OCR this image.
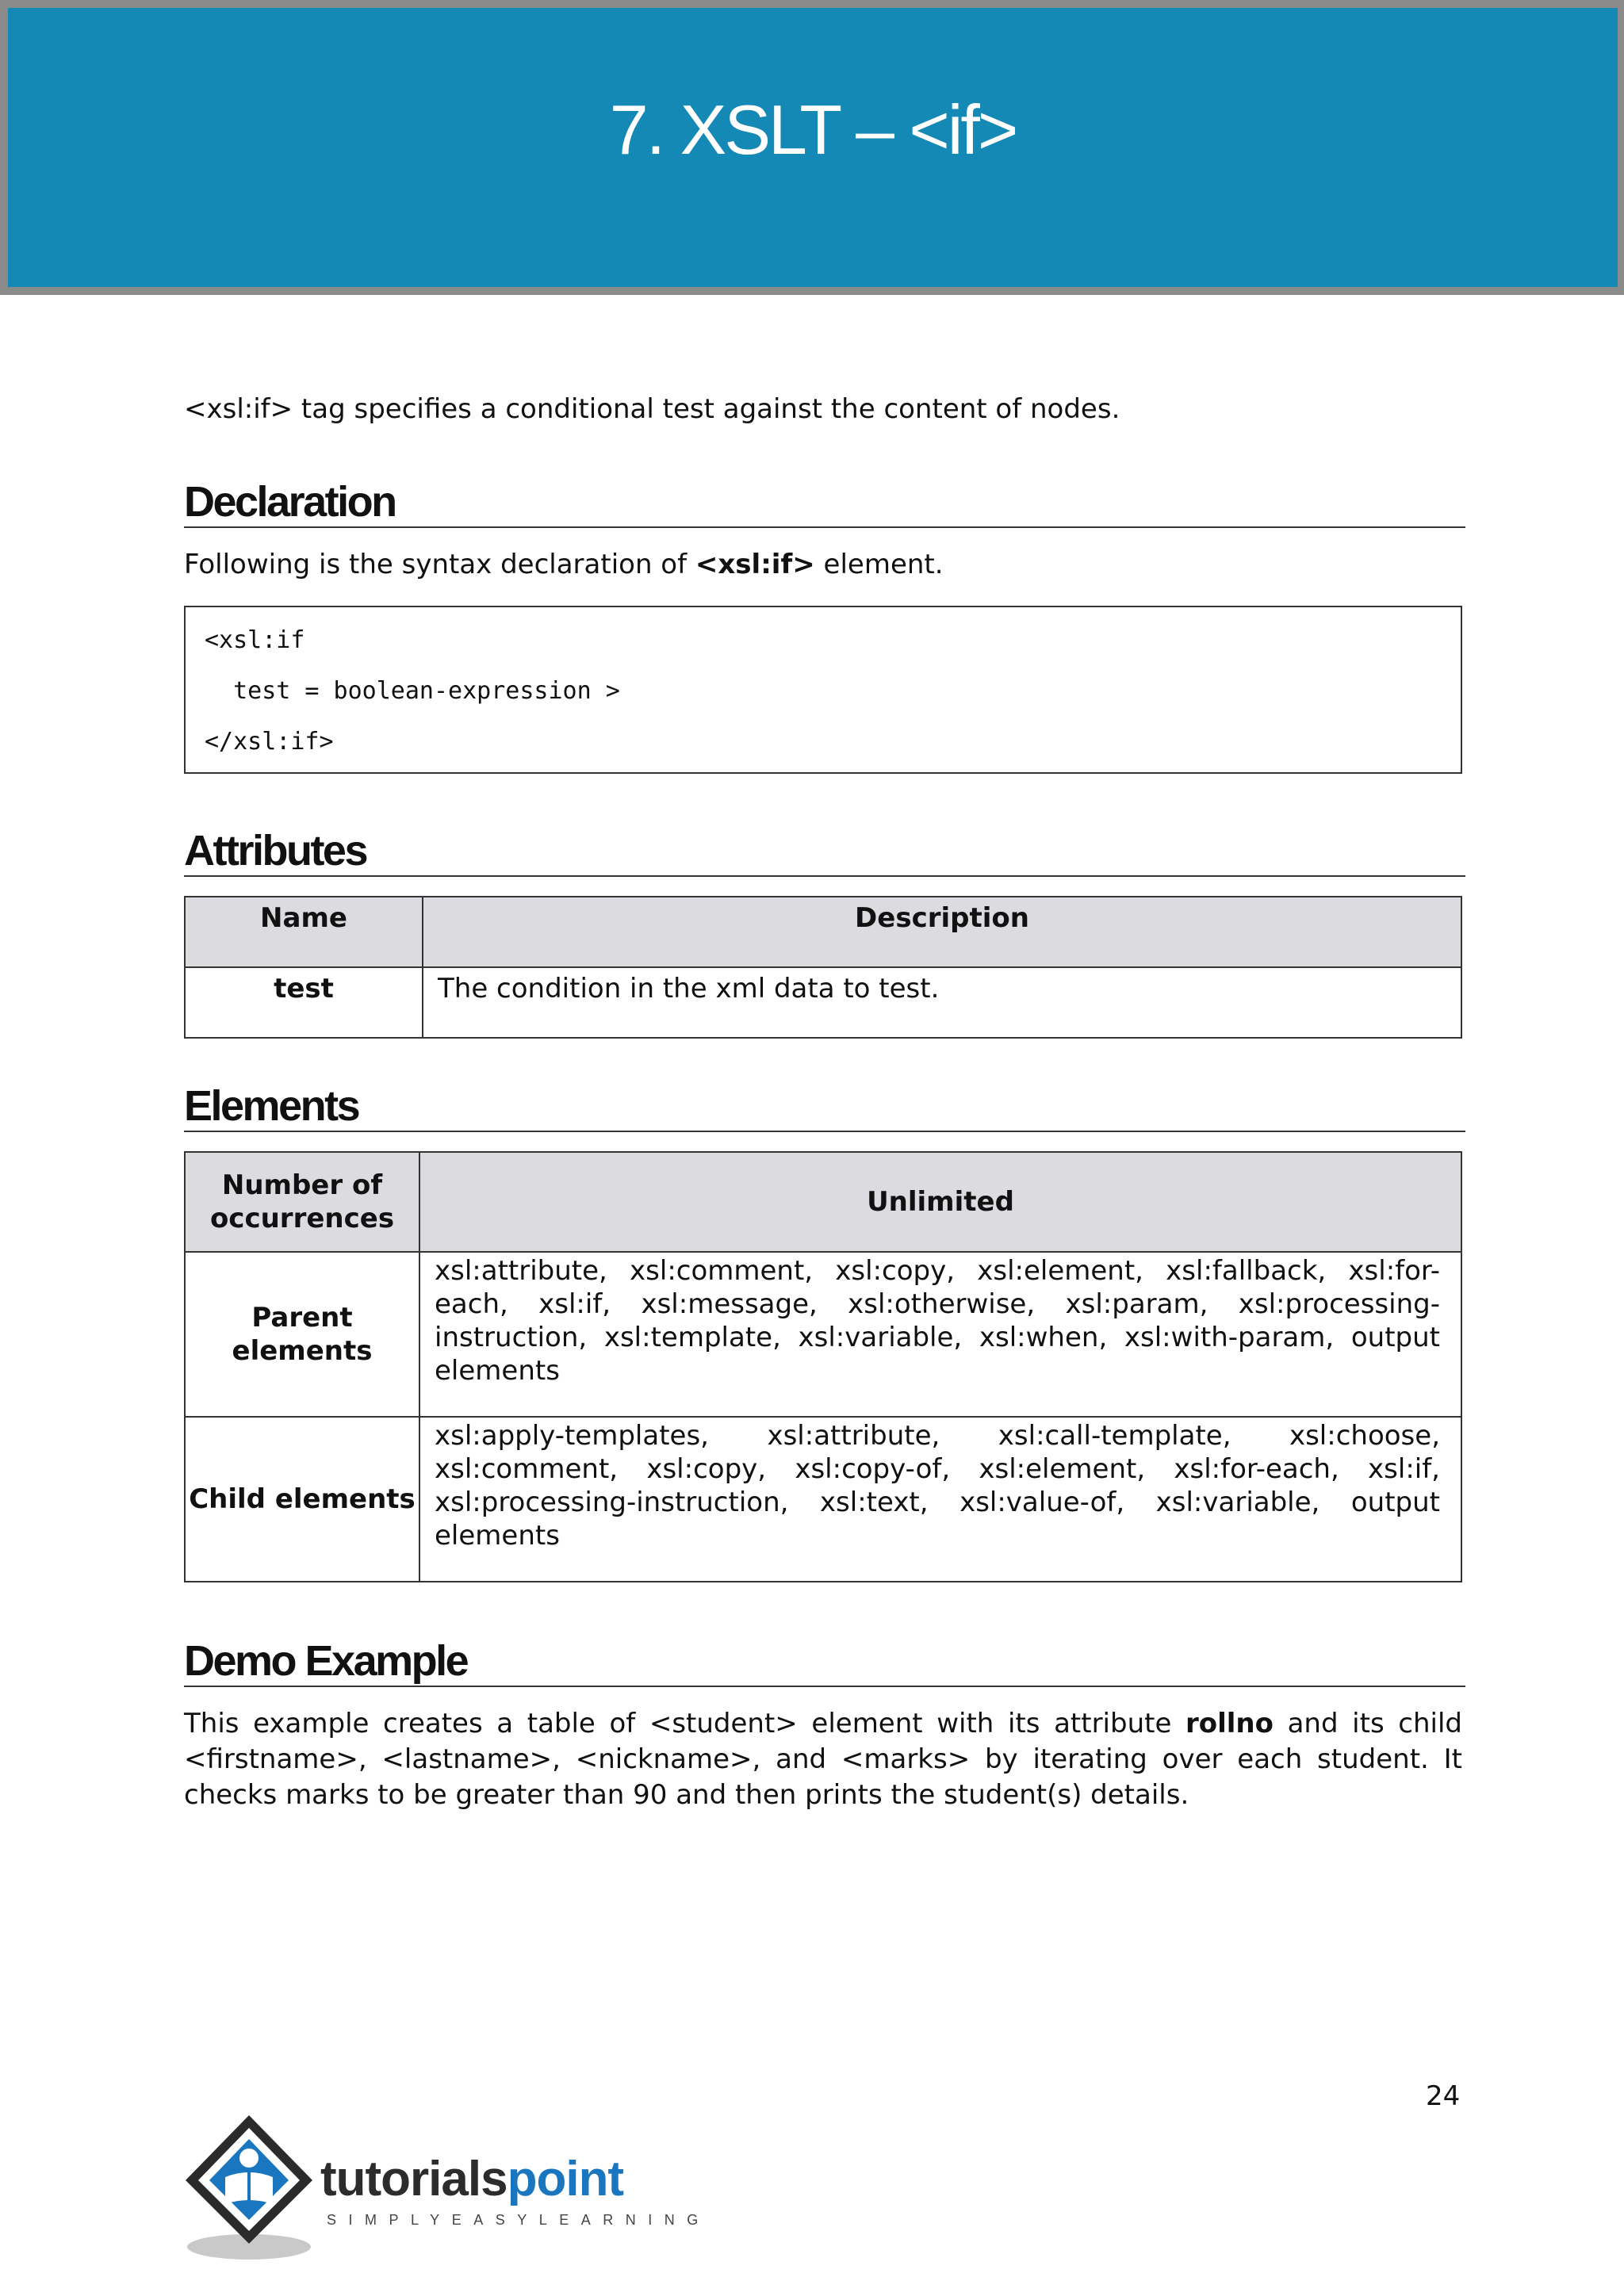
7. XSLT – <if>

<xsl:if> tag specifies a conditional test against the content of nodes.

Declaration

Following is the syntax declaration of <xsl:if> element.

<xsl:if
test = boolean-expression >
</xsl:if>
Attributes
Name	Description
test	The condition in the xml data to test.
Elements
Number of occurrences	Unlimited
Parent elements	xsl:attribute, xsl:comment, xsl:copy, xsl:element, xsl:fallback, xsl:for-each, xsl:if, xsl:message, xsl:otherwise, xsl:param, xsl:processing-instruction, xsl:template, xsl:variable, xsl:when, xsl:with-param, output elements
Child elements	xsl:apply-templates, xsl:attribute, xsl:call-template, xsl:choose, xsl:comment, xsl:copy, xsl:copy-of, xsl:element, xsl:for-each, xsl:if, xsl:processing-instruction, xsl:text, xsl:value-of, xsl:variable, output elements
Demo Example

This example creates a table of <student> element with its attribute rollno and its child <firstname>, <lastname>, <nickname>, and <marks> by iterating over each student. It checks marks to be greater than 90 and then prints the student(s) details.

24
tutorialspoint
SIMPLYEASYLEARNING
